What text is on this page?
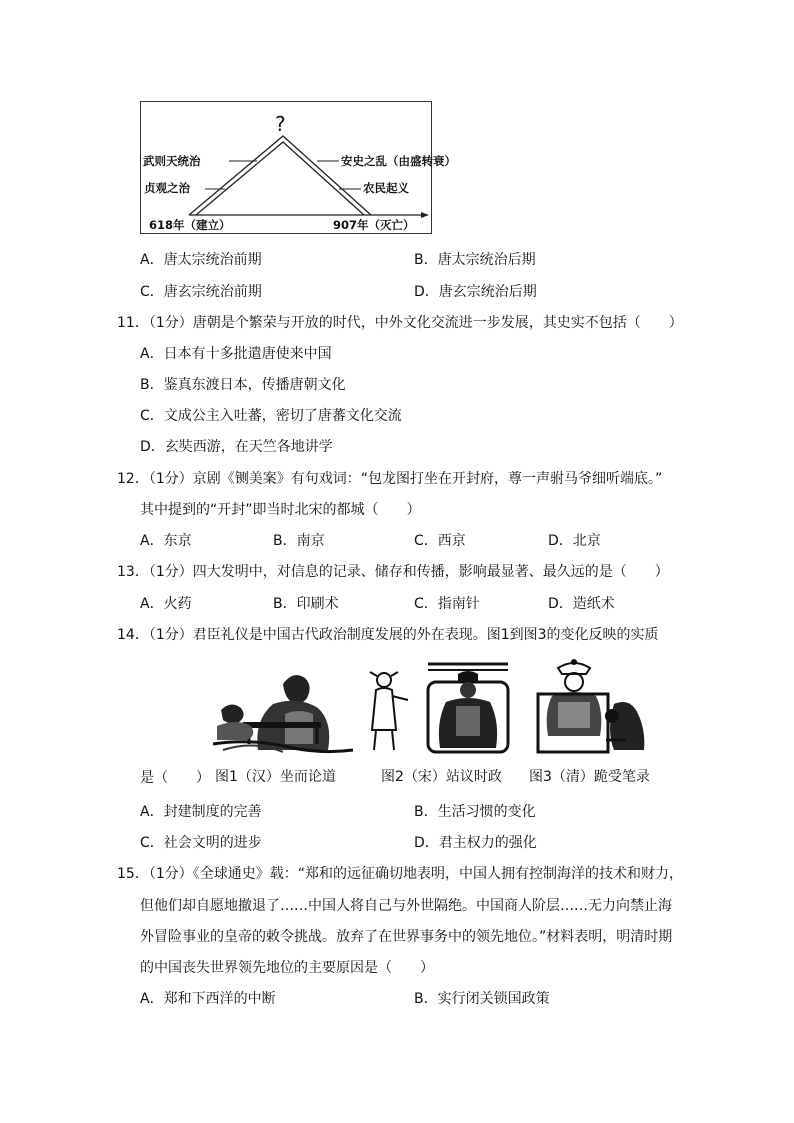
?
武则天统治
贞观之治
安史之乱（由盛转衰）
农民起义
618年（建立）	907年（灭亡）
A．唐太宗统治前期	B．唐太宗统治后期
C．唐玄宗统治前期	D．唐玄宗统治后期
11．（1分）唐朝是个繁荣与开放的时代，中外文化交流进一步发展，其史实不包括（　　）
A．日本有十多批遣唐使来中国
B．鉴真东渡日本，传播唐朝文化
C．文成公主入吐蕃，密切了唐蕃文化交流
D．玄奘西游，在天竺各地讲学
12．（1分）京剧《铡美案》有句戏词：“包龙图打坐在开封府，尊一声驸马爷细听端底。”
其中提到的“开封”即当时北宋的都城（　　）
A．东京	B．南京	C．西京	D．北京
13．（1分）四大发明中，对信息的记录、储存和传播，影响最显著、最久远的是（　　）
A．火药	B．印刷术	C．指南针	D．造纸术
14．（1分）君臣礼仪是中国古代政治制度发展的外在表现。图1到图3的变化反映的实质
是（　　） 图1（汉）坐而论道	图2（宋）站议时政 图3（清）跪受笔录
A．封建制度的完善	B．生活习惯的变化
C．社会文明的进步	D．君主权力的强化
15．（1分）《全球通史》载：“郑和的远征确切地表明，中国人拥有控制海洋的技术和财力，
但他们却自愿地撤退了……中国人将自己与外世隔绝。中国商人阶层……无力向禁止海
外冒险事业的皇帝的敕令挑战。放弃了在世界事务中的领先地位。”材料表明，明清时期
的中国丧失世界领先地位的主要原因是（　　）
A．郑和下西洋的中断	B．实行闭关锁国政策
